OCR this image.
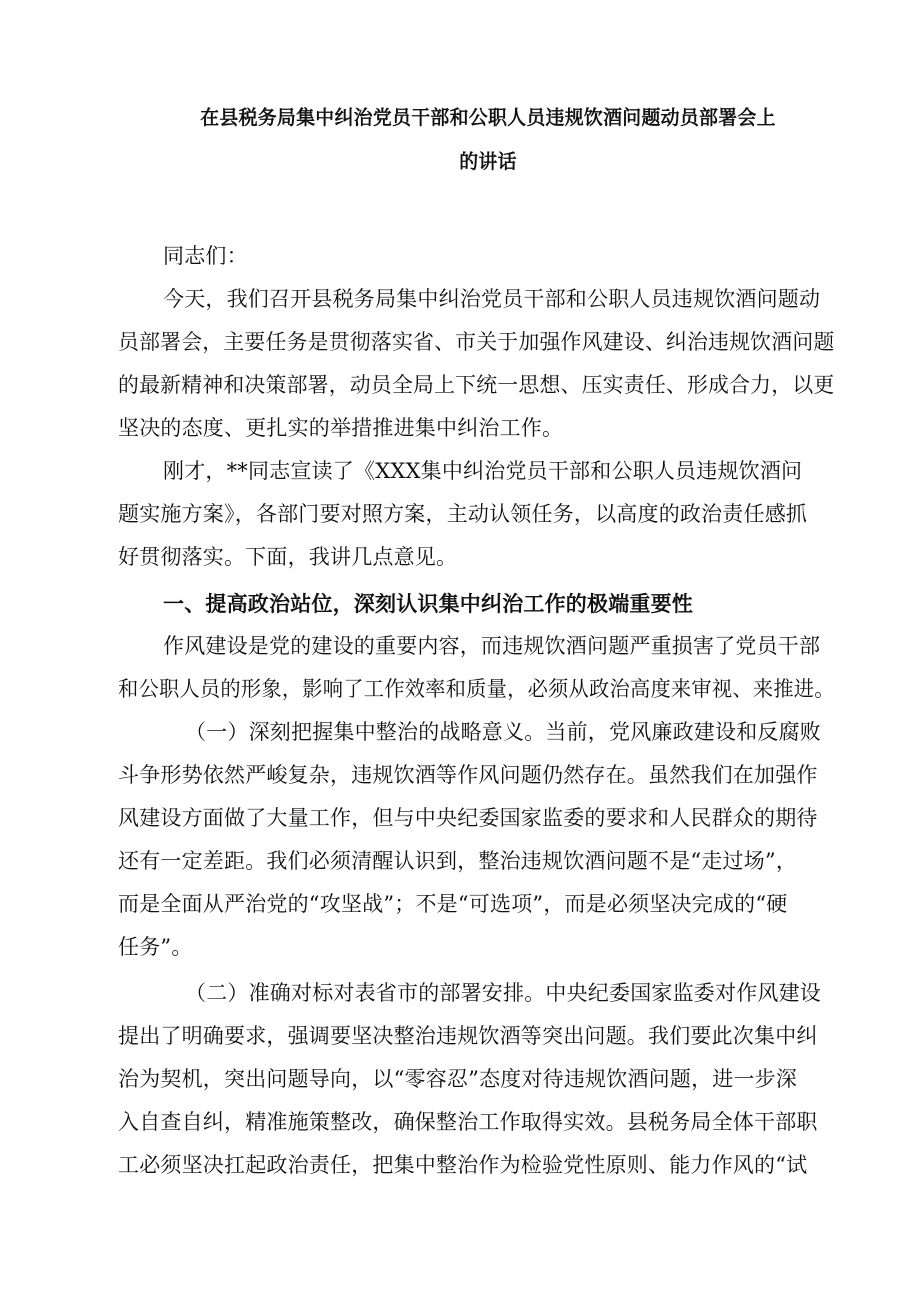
在县税务局集中纠治党员干部和公职人员违规饮酒问题动员部署会上
的讲话
同志们：
今天，我们召开县税务局集中纠治党员干部和公职人员违规饮酒问题动
员部署会，主要任务是贯彻落实省、市关于加强作风建设、纠治违规饮酒问题
的最新精神和决策部署，动员全局上下统一思想、压实责任、形成合力，以更
坚决的态度、更扎实的举措推进集中纠治工作。
刚才，**同志宣读了《XXX集中纠治党员干部和公职人员违规饮酒问
题实施方案》，各部门要对照方案，主动认领任务，以高度的政治责任感抓
好贯彻落实。下面，我讲几点意见。
一、提高政治站位，深刻认识集中纠治工作的极端重要性
作风建设是党的建设的重要内容，而违规饮酒问题严重损害了党员干部
和公职人员的形象，影响了工作效率和质量，必须从政治高度来审视、来推进。
（一）深刻把握集中整治的战略意义。当前，党风廉政建设和反腐败
斗争形势依然严峻复杂，违规饮酒等作风问题仍然存在。虽然我们在加强作
风建设方面做了大量工作，但与中央纪委国家监委的要求和人民群众的期待
还有一定差距。我们必须清醒认识到，整治违规饮酒问题不是“走过场”，
而是全面从严治党的“攻坚战”；不是“可选项”，而是必须坚决完成的“硬
任务”。
（二）准确对标对表省市的部署安排。中央纪委国家监委对作风建设
提出了明确要求，强调要坚决整治违规饮酒等突出问题。我们要此次集中纠
治为契机，突出问题导向，以“零容忍”态度对待违规饮酒问题，进一步深
入自查自纠，精准施策整改，确保整治工作取得实效。县税务局全体干部职
工必须坚决扛起政治责任，把集中整治作为检验党性原则、能力作风的“试
